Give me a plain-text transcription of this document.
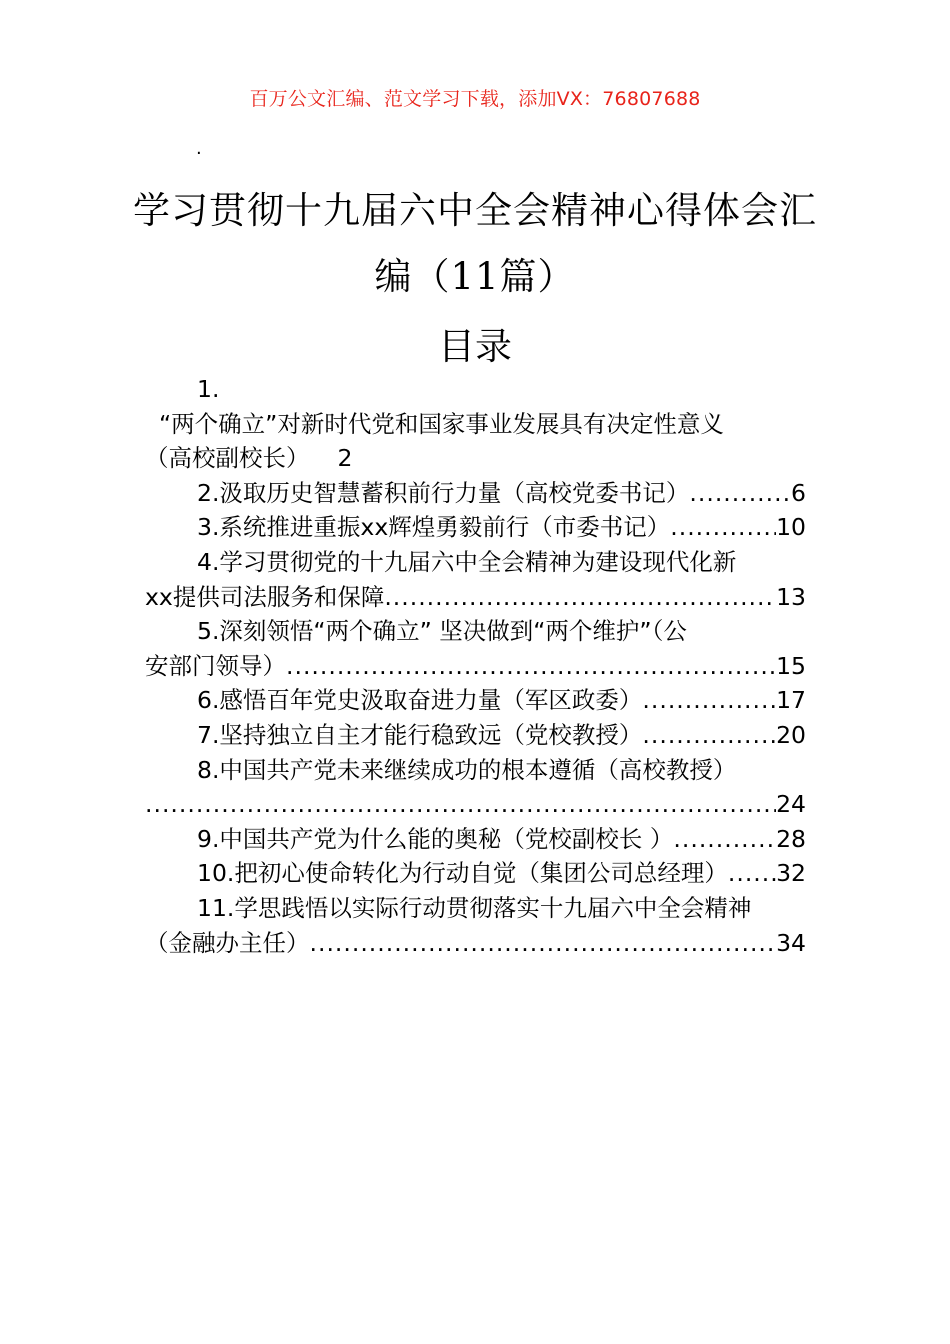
百万公文汇编、范文学习下载，添加VX：76807688
.
学习贯彻十九届六中全会精神心得体会汇
编（11篇）
目录
1.
“两个确立”对新时代党和国家事业发展具有决定性意义
（高校副校长） 2
2.汲取历史智慧蓄积前行力量（高校党委书记） .....	6
3.系统推进重振xx辉煌勇毅前行（市委书记） .....	10
4.学习贯彻党的十九届六中全会精神为建设现代化新
xx提供司法服务和保障 .....	13
5.深刻领悟“两个确立” 坚决做到“两个维护”（公
安部门领导） .....	15
6.感悟百年党史汲取奋进力量（军区政委） .....	17
7.坚持独立自主才能行稳致远（党校教授） .....	20
8.中国共产党未来继续成功的根本遵循（高校教授）
.....
24
9.中国共产党为什么能的奥秘（党校副校长 ） .....	28
10.把初心使命转化为行动自觉（集团公司总经理） ..... 32
11.学思践悟以实际行动贯彻落实十九届六中全会精神
（金融办主任） .....	34
